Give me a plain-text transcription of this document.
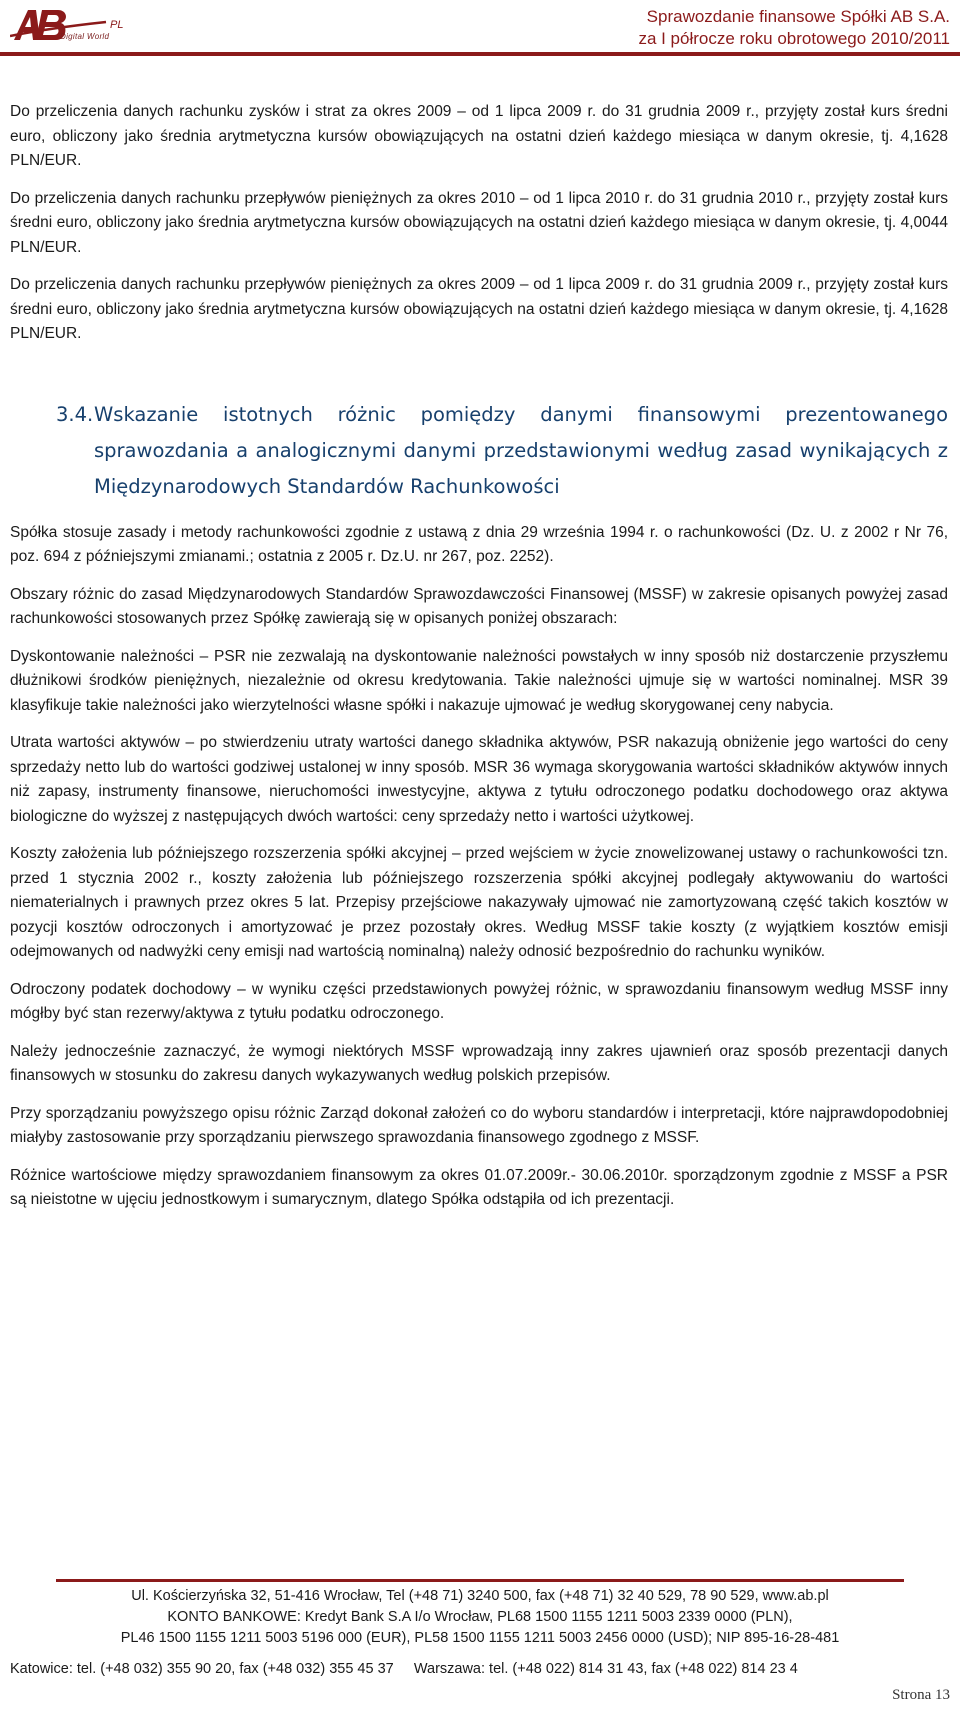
PL
Digital World
Sprawozdanie finansowe Spółki AB S.A.
za I półrocze roku obrotowego 2010/2011

Do przeliczenia danych rachunku zysków i strat za okres 2009 – od 1 lipca 2009 r. do 31 grudnia 2009 r., przyjęty został kurs średni euro, obliczony jako średnia arytmetyczna kursów obowiązujących na ostatni dzień każdego miesiąca w danym okresie, tj. 4,1628 PLN/EUR.

Do przeliczenia danych rachunku przepływów pieniężnych za okres 2010 – od 1 lipca 2010 r. do 31 grudnia 2010 r., przyjęty został kurs średni euro, obliczony jako średnia arytmetyczna kursów obowiązujących na ostatni dzień każdego miesiąca w danym okresie, tj. 4,0044 PLN/EUR.

Do przeliczenia danych rachunku przepływów pieniężnych za okres 2009 – od 1 lipca 2009 r. do 31 grudnia 2009 r., przyjęty został kurs średni euro, obliczony jako średnia arytmetyczna kursów obowiązujących na ostatni dzień każdego miesiąca w danym okresie, tj. 4,1628 PLN/EUR.

3.4. Wskazanie istotnych różnic pomiędzy danymi finansowymi prezentowanego sprawozdania a analogicznymi danymi przedstawionymi według zasad wynikających z Międzynarodowych Standardów Rachunkowości

Spółka stosuje zasady i metody rachunkowości zgodnie z ustawą z dnia 29 września 1994 r. o rachunkowości (Dz. U. z 2002 r Nr 76, poz. 694 z późniejszymi zmianami.; ostatnia z 2005 r. Dz.U. nr 267, poz. 2252).

Obszary różnic do zasad Międzynarodowych Standardów Sprawozdawczości Finansowej (MSSF) w zakresie opisanych powyżej zasad rachunkowości stosowanych przez Spółkę zawierają się w opisanych poniżej obszarach:

Dyskontowanie należności – PSR nie zezwalają na dyskontowanie należności powstałych w inny sposób niż dostarczenie przyszłemu dłużnikowi środków pieniężnych, niezależnie od okresu kredytowania. Takie należności ujmuje się w wartości nominalnej. MSR 39 klasyfikuje takie należności jako wierzytelności własne spółki i nakazuje ujmować je według skorygowanej ceny nabycia.

Utrata wartości aktywów – po stwierdzeniu utraty wartości danego składnika aktywów, PSR nakazują obniżenie jego wartości do ceny sprzedaży netto lub do wartości godziwej ustalonej w inny sposób. MSR 36 wymaga skorygowania wartości składników aktywów innych niż zapasy, instrumenty finansowe, nieruchomości inwestycyjne, aktywa z tytułu odroczonego podatku dochodowego oraz aktywa biologiczne do wyższej z następujących dwóch wartości: ceny sprzedaży netto i wartości użytkowej.

Koszty założenia lub późniejszego rozszerzenia spółki akcyjnej – przed wejściem w życie znowelizowanej ustawy o rachunkowości tzn. przed 1 stycznia 2002 r., koszty założenia lub późniejszego rozszerzenia spółki akcyjnej podlegały aktywowaniu do wartości niematerialnych i prawnych przez okres 5 lat. Przepisy przejściowe nakazywały ujmować nie zamortyzowaną część takich kosztów w pozycji kosztów odroczonych i amortyzować je przez pozostały okres. Według MSSF takie koszty (z wyjątkiem kosztów emisji odejmowanych od nadwyżki ceny emisji nad wartością nominalną) należy odnosić bezpośrednio do rachunku wyników.

Odroczony podatek dochodowy – w wyniku części przedstawionych powyżej różnic, w sprawozdaniu finansowym według MSSF inny mógłby być stan rezerwy/aktywa z tytułu podatku odroczonego.

Należy jednocześnie zaznaczyć, że wymogi niektórych MSSF wprowadzają inny zakres ujawnień oraz sposób prezentacji danych finansowych w stosunku do zakresu danych wykazywanych według polskich przepisów.

Przy sporządzaniu powyższego opisu różnic Zarząd dokonał założeń co do wyboru standardów i interpretacji, które najprawdopodobniej miałyby zastosowanie przy sporządzaniu pierwszego sprawozdania finansowego zgodnego z MSSF.

Różnice wartościowe między sprawozdaniem finansowym za okres 01.07.2009r.- 30.06.2010r. sporządzonym zgodnie z MSSF a PSR są nieistotne w ujęciu jednostkowym i sumarycznym, dlatego Spółka odstąpiła od ich prezentacji.

Ul. Kościerzyńska 32, 51-416 Wrocław, Tel (+48 71) 3240 500, fax (+48 71) 32 40 529, 78 90 529, www.ab.pl
KONTO BANKOWE: Kredyt Bank S.A I/o Wrocław, PL68 1500 1155 1211 5003 2339 0000 (PLN),
PL46 1500 1155 1211 5003 5196 000 (EUR), PL58 1500 1155 1211 5003 2456 0000 (USD); NIP 895-16-28-481
Katowice: tel. (+48 032) 355 90 20, fax (+48 032) 355 45 37     Warszawa: tel. (+48 022) 814 31 43, fax (+48 022) 814 23 4
Strona 13
